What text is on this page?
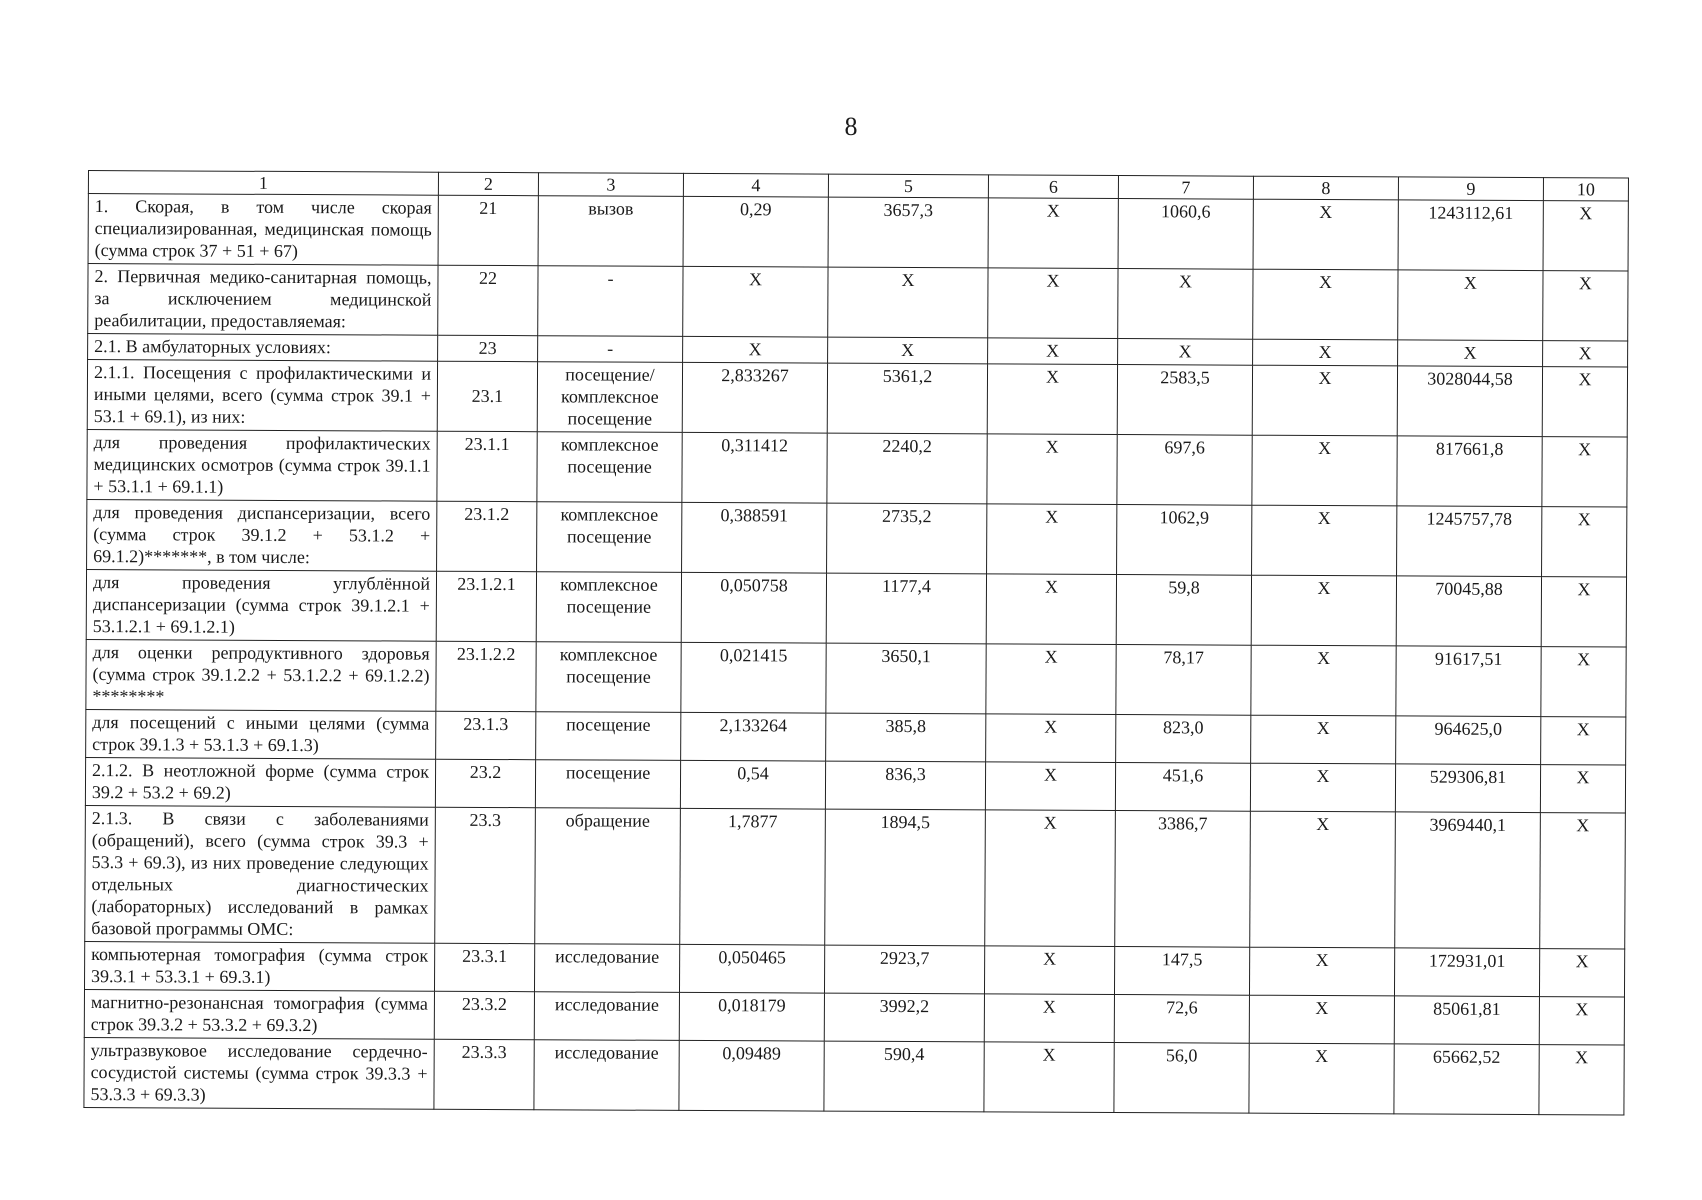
8
1	2	3	4	5	6	7	8	9	10
1. Скорая, в том числе скорая специализированная, медицинская помощь (сумма строк 37 + 51 + 67)	21	вызов	0,29	3657,3	Х	1060,6	Х	1243112,61	Х
2. Первичная медико-санитарная помощь, за исключением медицинской реабилитации, предоставляемая:	22	-	Х	Х	Х	Х	Х	Х	Х
2.1. В амбулаторных условиях:	23	-	Х	Х	Х	Х	Х	Х	Х
2.1.1. Посещения с профилактическими и иными целями, всего (сумма строк 39.1 + 53.1 + 69.1), из них:	23.1	посещение/ комплексное посещение	2,833267	5361,2	Х	2583,5	Х	3028044,58	Х
для проведения профилактических медицинских осмотров (сумма строк 39.1.1 + 53.1.1 + 69.1.1)	23.1.1	комплексное посещение	0,311412	2240,2	Х	697,6	Х	817661,8	Х
для проведения диспансеризации, всего (сумма строк 39.1.2 + 53.1.2 + 69.1.2)*******, в том числе:	23.1.2	комплексное посещение	0,388591	2735,2	Х	1062,9	Х	1245757,78	Х
для проведения углублённой диспансеризации (сумма строк 39.1.2.1 + 53.1.2.1 + 69.1.2.1)	23.1.2.1	комплексное посещение	0,050758	1177,4	Х	59,8	Х	70045,88	Х
для оценки репродуктивного здоровья (сумма строк 39.1.2.2 + 53.1.2.2 + 69.1.2.2) ********	23.1.2.2	комплексное посещение	0,021415	3650,1	Х	78,17	Х	91617,51	Х
для посещений с иными целями (сумма строк 39.1.3 + 53.1.3 + 69.1.3)	23.1.3	посещение	2,133264	385,8	Х	823,0	Х	964625,0	Х
2.1.2. В неотложной форме (сумма строк 39.2 + 53.2 + 69.2)	23.2	посещение	0,54	836,3	Х	451,6	Х	529306,81	Х
2.1.3. В связи с заболеваниями (обращений), всего (сумма строк 39.3 + 53.3 + 69.3), из них проведение следующих отдельных диагностических (лабораторных) исследований в рамках базовой программы ОМС:	23.3	обращение	1,7877	1894,5	Х	3386,7	Х	3969440,1	Х
компьютерная томография (сумма строк 39.3.1 + 53.3.1 + 69.3.1)	23.3.1	исследование	0,050465	2923,7	Х	147,5	Х	172931,01	Х
магнитно-резонансная томография (сумма строк 39.3.2 + 53.3.2 + 69.3.2)	23.3.2	исследование	0,018179	3992,2	Х	72,6	Х	85061,81	Х
ультразвуковое исследование сердечно-сосудистой системы (сумма строк 39.3.3 + 53.3.3 + 69.3.3)	23.3.3	исследование	0,09489	590,4	Х	56,0	Х	65662,52	Х
